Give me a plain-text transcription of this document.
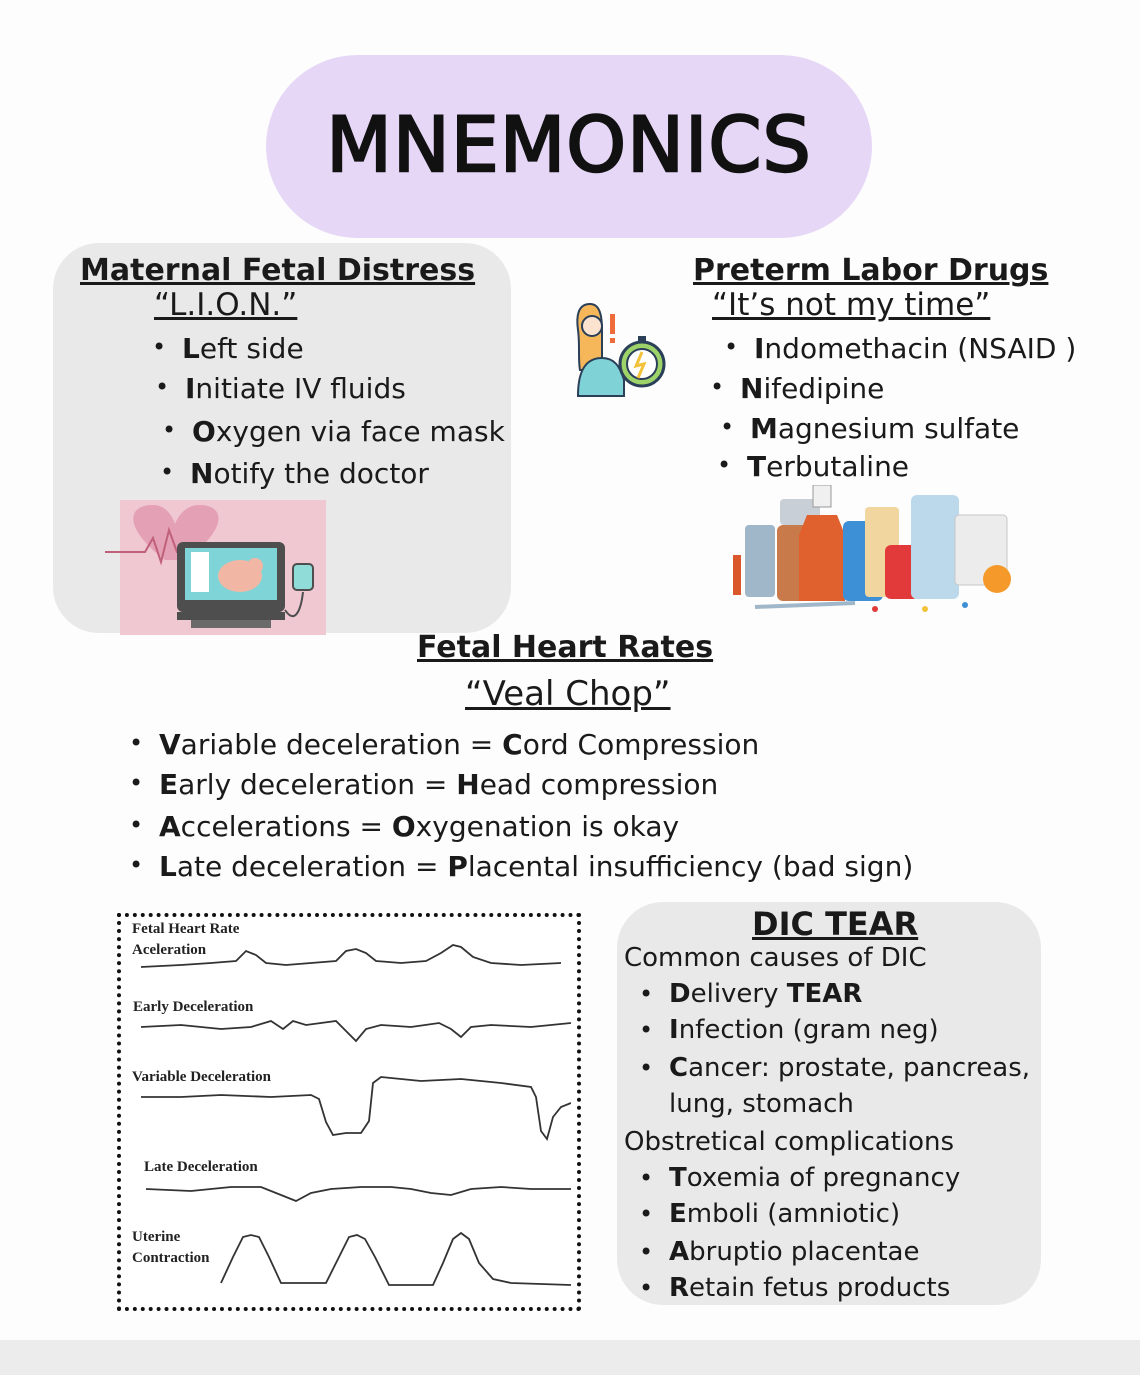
MNEMONICS
Maternal Fetal Distress
“L.I.O.N.”
• Left side
• Initiate IV fluids
• Oxygen via face mask
• Notify the doctor
Preterm Labor Drugs
“It’s not my time”
• Indomethacin (NSAID )
• Nifedipine
• Magnesium sulfate
• Terbutaline
Fetal Heart Rates
“Veal Chop”
• Variable deceleration = Cord Compression
• Early deceleration = Head compression
• Accelerations = Oxygenation is okay
• Late deceleration = Placental insufficiency (bad sign)
Fetal Heart Rate
Aceleration
Early Deceleration
Variable Deceleration
Late Deceleration
Uterine
Contraction
DIC TEAR
Common causes of DIC
• Delivery TEAR
• Infection (gram neg)
• Cancer: prostate, pancreas,
lung, stomach
Obstretical complications
• Toxemia of pregnancy
• Emboli (amniotic)
• Abruptio placentae
• Retain fetus products
